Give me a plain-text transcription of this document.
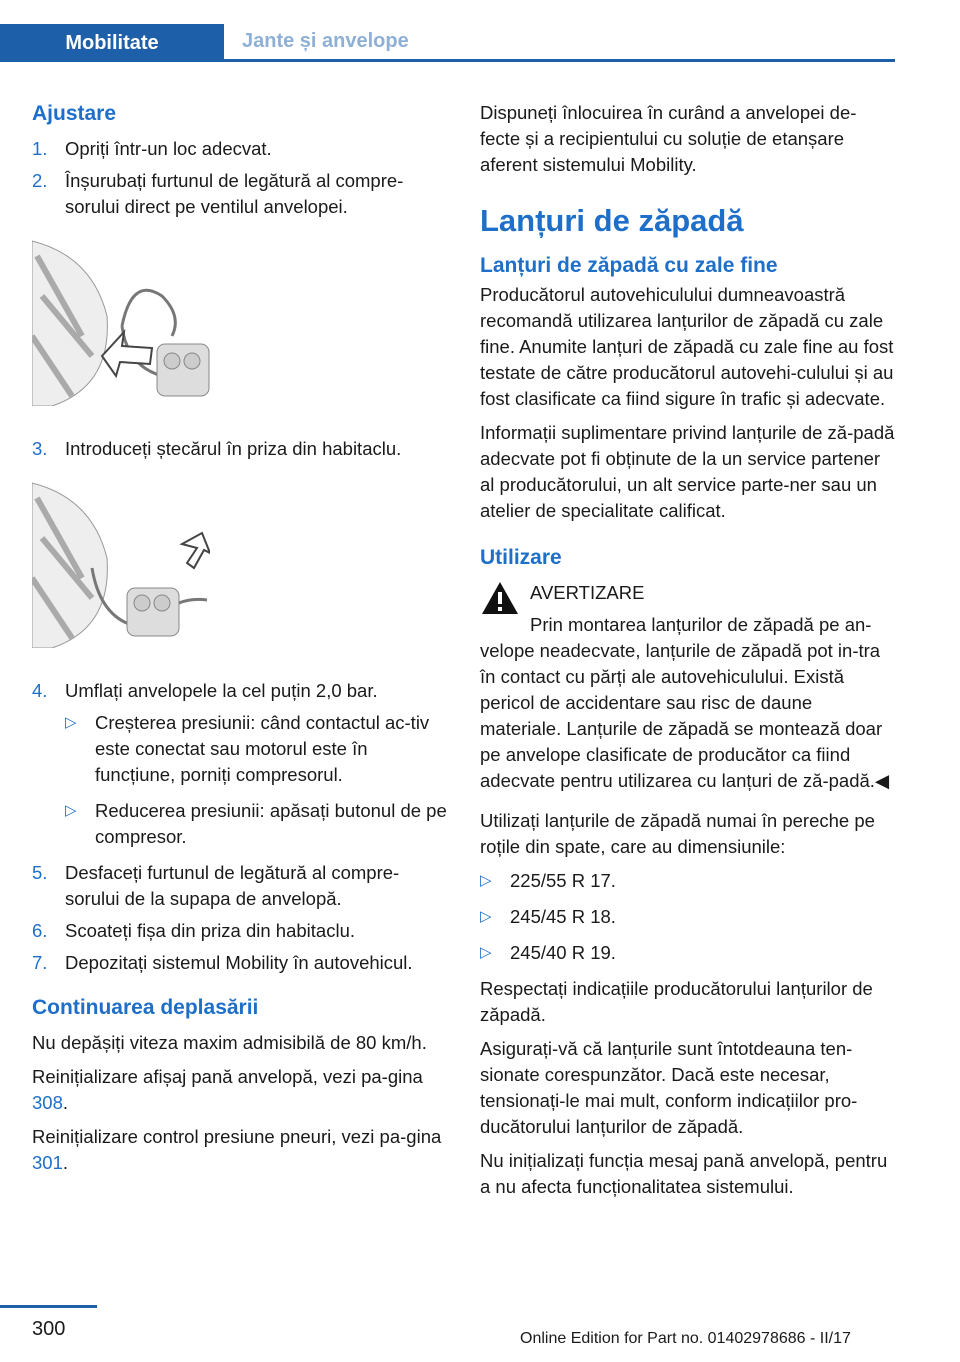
Mobilitate	Jante și anvelope
Ajustare
1. Opriți într-un loc adecvat.
2. Înșurubați furtunul de legătură al compre-sorului direct pe ventilul anvelopei.
3. Introduceți ștecărul în priza din habitaclu.
4. Umflați anvelopele la cel puțin 2,0 bar.
▷ Creșterea presiunii: când contactul ac-tiv este conectat sau motorul este în funcțiune, porniți compresorul.
▷ Reducerea presiunii: apăsați butonul de pe compresor.
5. Desfaceți furtunul de legătură al compre-sorului de la supapa de anvelopă.
6. Scoateți fișa din priza din habitaclu.
7. Depozitați sistemul Mobility în autovehicul.
Continuarea deplasării

Nu depășiți viteza maxim admisibilă de 80 km/h.

Reinițializare afișaj pană anvelopă, vezi pa-gina 308.

Reinițializare control presiune pneuri, vezi pa-gina 301.

Dispuneți înlocuirea în curând a anvelopei de-fecte și a recipientului cu soluție de etanșare aferent sistemului Mobility.

Lanțuri de zăpadă
Lanțuri de zăpadă cu zale fine

Producătorul autovehiculului dumneavoastră recomandă utilizarea lanțurilor de zăpadă cu zale fine. Anumite lanțuri de zăpadă cu zale fine au fost testate de către producătorul autovehi-culului și au fost clasificate ca fiind sigure în trafic și adecvate.

Informații suplimentare privind lanțurile de ză-padă adecvate pot fi obținute de la un service partener al producătorului, un alt service parte-ner sau un atelier de specialitate calificat.

Utilizare
AVERTIZARE

Prin montarea lanțurilor de zăpadă pe an-velope neadecvate, lanțurile de zăpadă pot in-tra în contact cu părți ale autovehiculului. Există pericol de accidentare sau risc de daune materiale. Lanțurile de zăpadă se montează doar pe anvelope clasificate de producător ca fiind adecvate pentru utilizarea cu lanțuri de ză-padă.◀

Utilizați lanțurile de zăpadă numai în pereche pe roțile din spate, care au dimensiunile:

▷ 225/55 R 17.
▷ 245/45 R 18.
▷ 245/40 R 19.

Respectați indicațiile producătorului lanțurilor de zăpadă.

Asigurați-vă că lanțurile sunt întotdeauna ten-sionate corespunzător. Dacă este necesar, tensionați-le mai mult, conform indicațiilor pro-ducătorului lanțurilor de zăpadă.

Nu inițializați funcția mesaj pană anvelopă, pentru a nu afecta funcționalitatea sistemului.

300	Online Edition for Part no. 01402978686 - II/17
